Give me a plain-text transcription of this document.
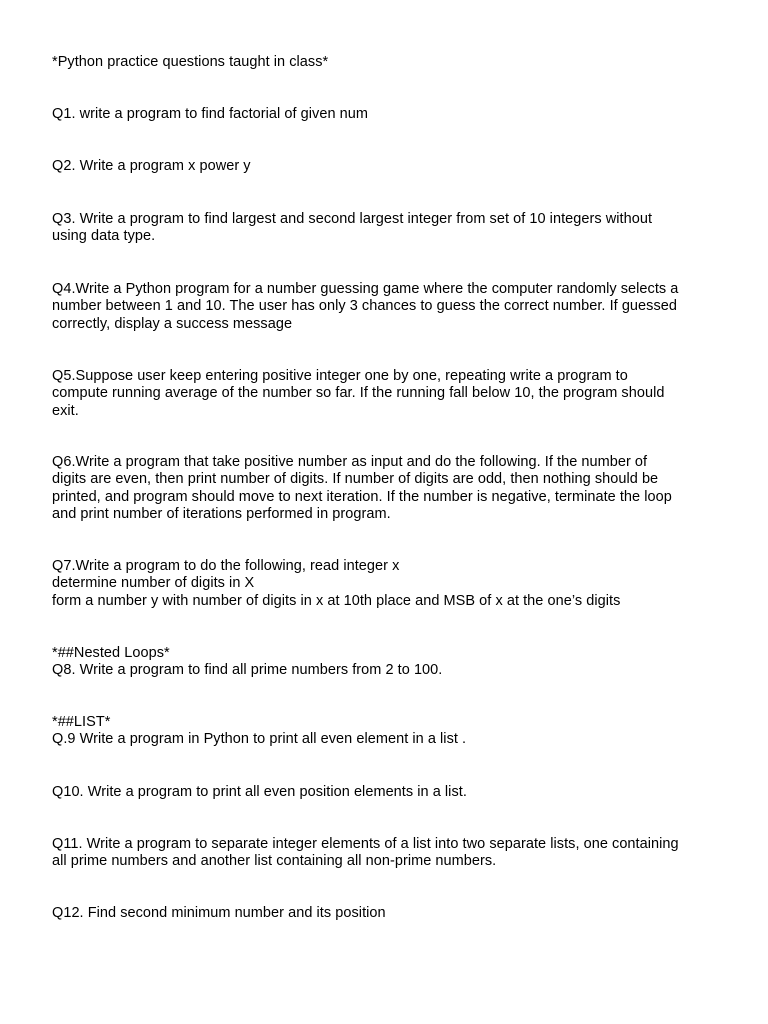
*Python practice questions taught in class*
Q1. write a program to find factorial of given num
Q2. Write a program x power y
Q3. Write a program to find largest and second largest integer from set of 10 integers without
using data type.
Q4.Write a Python program for a number guessing game where the computer randomly selects a
number between 1 and 10. The user has only 3 chances to guess the correct number. If guessed
correctly, display a success message
Q5.Suppose user keep entering positive integer one by one, repeating write a program to
compute running average of the number so far. If the running fall below 10, the program should
exit.
Q6.Write a program that take positive number as input and do the following. If the number of
digits are even, then print number of digits. If number of digits are odd, then nothing should be
printed, and program should move to next iteration. If the number is negative, terminate the loop
and print number of iterations performed in program.
Q7.Write a program to do the following, read integer x
determine number of digits in X
form a number y with number of digits in x at 10th place and MSB of x at the one’s digits
*##Nested Loops*
Q8. Write a program to find all prime numbers from 2 to 100.
*##LIST*
Q.9 Write a program in Python to print all even element in a list .
Q10. Write a program to print all even position elements in a list.
Q11. Write a program to separate integer elements of a list into two separate lists, one containing
all prime numbers and another list containing all non-prime numbers.
Q12. Find second minimum number and its position
